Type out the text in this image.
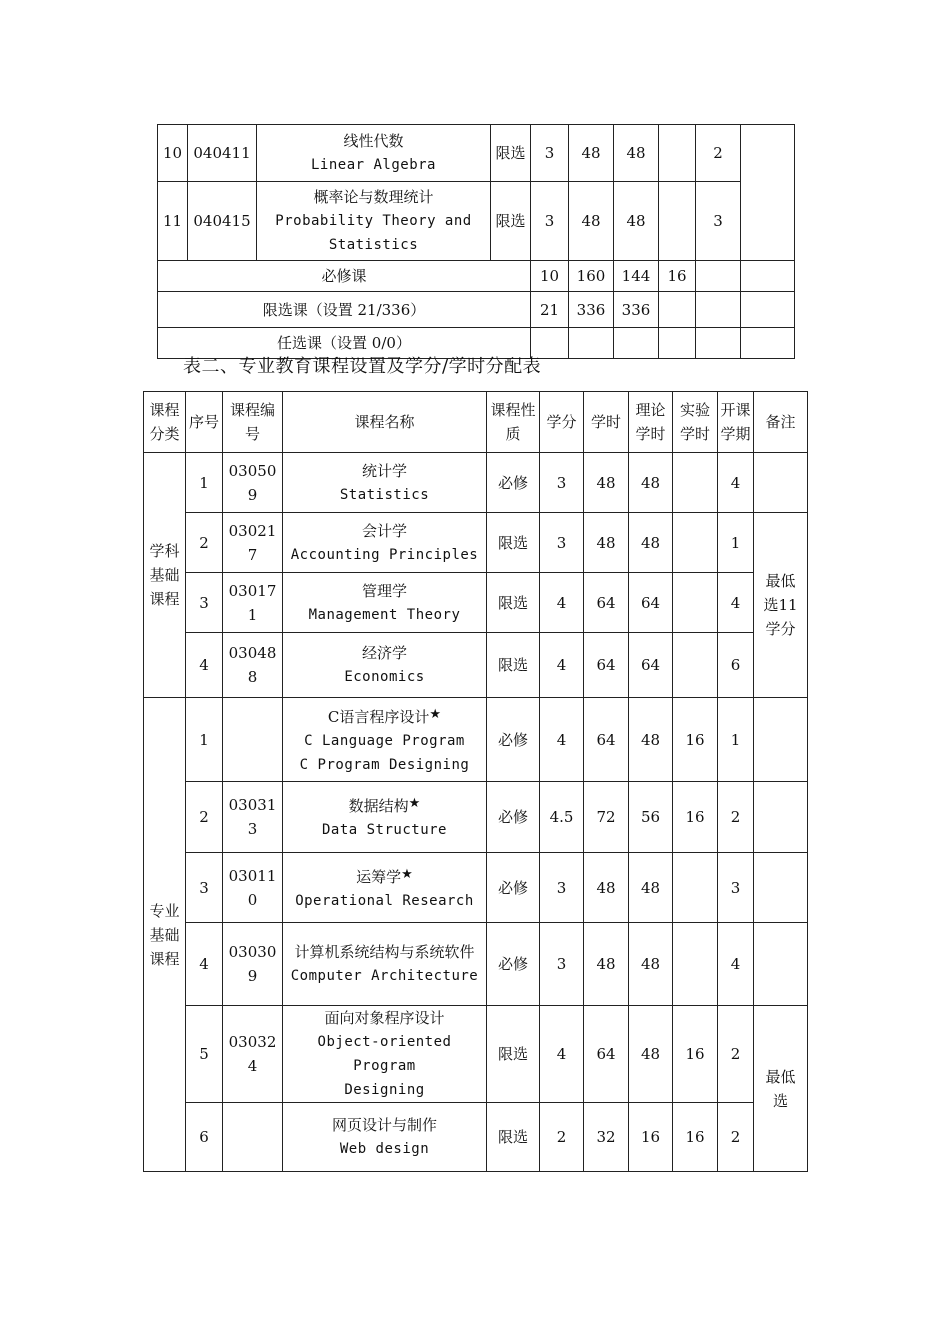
10	040411	线性代数
Linear Algebra	限选	3	48	48		2	
11	040415	概率论与数理统计
Probability Theory and Statistics	限选	3	48	48		3	
必修课				10	160	144	16		
限选课（设置 21/336）				21	336	336			
任选课（设置 0/0）									
表二、专业教育课程设置及学分/学时分配表
课程分类	序号	课程编号	课程名称	课程性质	学分	学时	理论学时	实验学时	开课学期	备注
学科基础课程	1	030509	统计学
Statistics	必修	3	48	48		4	
	2	030217	会计学
Accounting Principles	限选	3	48	48		1	最低选11学分
	3	030171	管理学
Management Theory	限选	4	64	64		4	
	4	030488	经济学
Economics	限选	4	64	64		6	
专业基础课程	1		C语言程序设计★
C Language Program
C Program Designing	必修	4	64	48	16	1	
	2	030313	数据结构★
Data Structure	必修	4.5	72	56	16	2	
	3	030110	运筹学★
Operational Research	必修	3	48	48		3	
	4	030309	计算机系统结构与系统软件
Computer Architecture	必修	3	48	48		4	
	5	030324	面向对象程序设计
Object-oriented Program
Designing	限选	4	64	48	16	2	最低选
	6		网页设计与制作
Web design	限选	2	32	16	16	2	
